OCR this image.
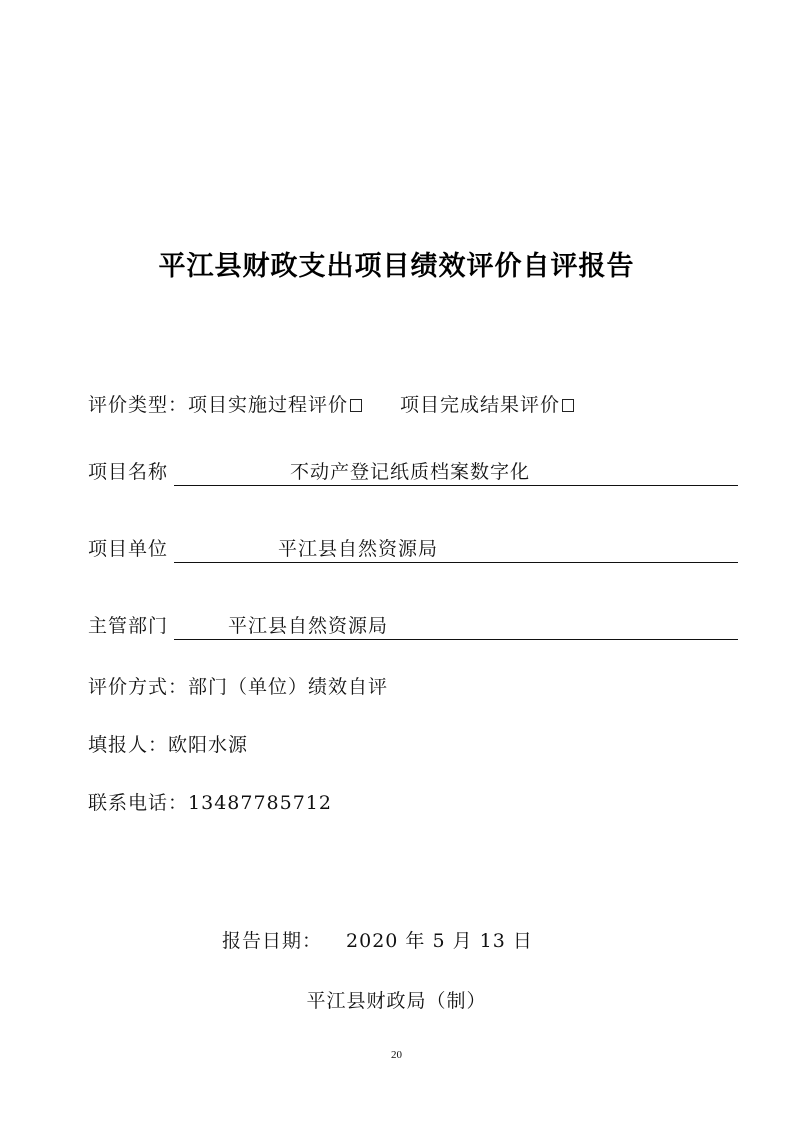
平江县财政支出项目绩效评价自评报告
评价类型：项目实施过程评价	项目完成结果评价
项目名称	不动产登记纸质档案数字化
项目单位	平江县自然资源局
主管部门	平江县自然资源局
评价方式：部门（单位）绩效自评
填报人：欧阳水源
联系电话：13487785712
报告日期： 2020 年 5 月 13 日
平江县财政局（制）
20
